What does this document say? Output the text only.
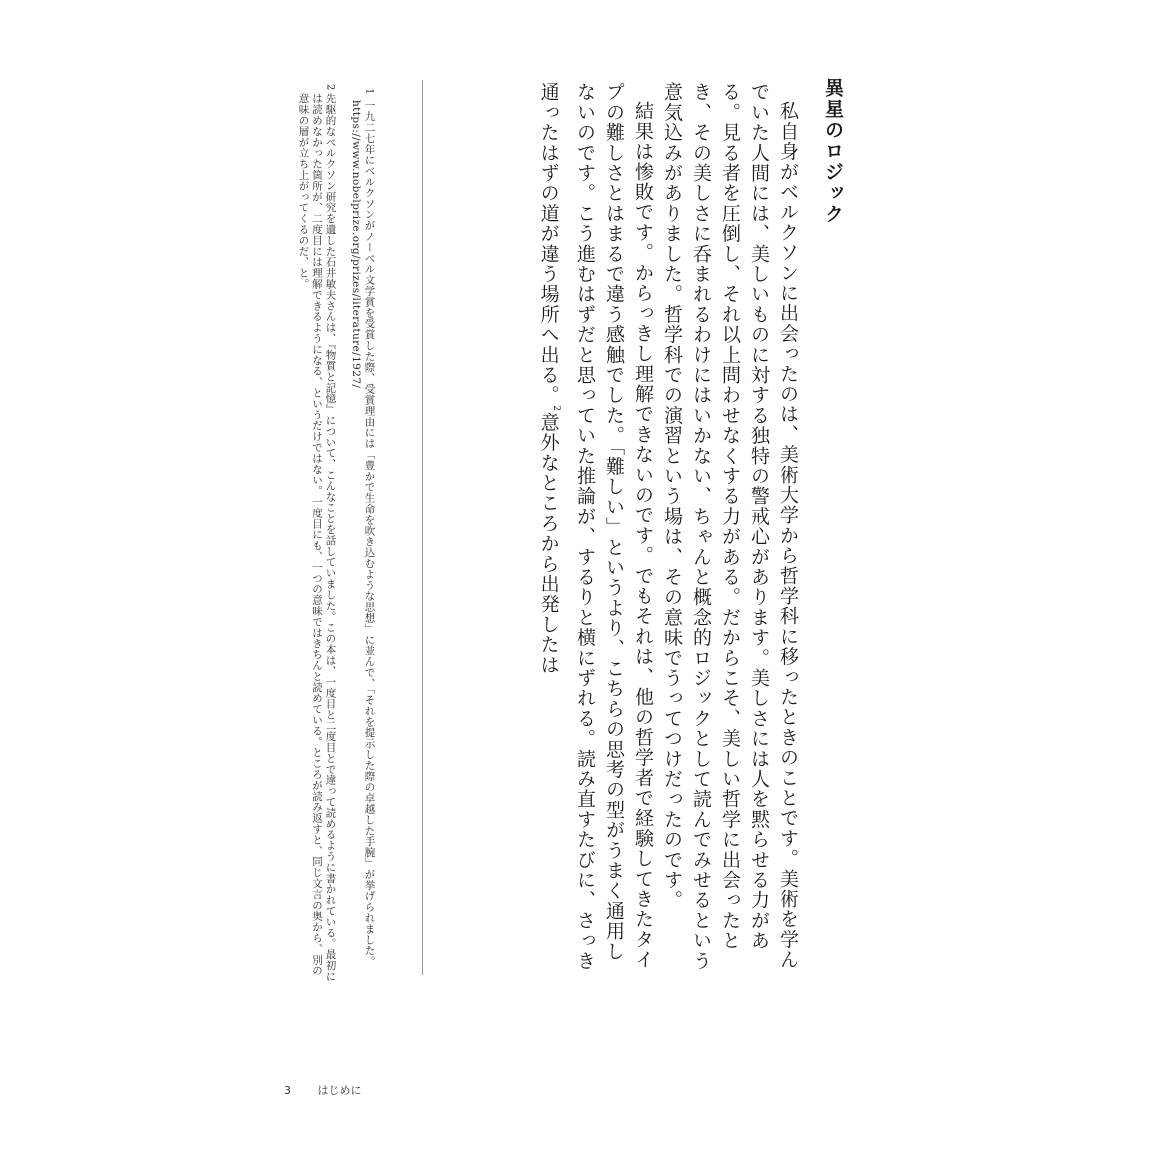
異星のロジック

私自身がベルクソンに出会ったのは、美術大学から哲学科に移ったときのことです。美術を学んでいた人間には、美しいものに対する独特の警戒心があります。美しさには人を黙らせる力がある。見る者を圧倒し、それ以上問わせなくする力がある。だからこそ、美しい哲学に出会ったとき、その美しさに呑まれるわけにはいかない、ちゃんと概念的ロジックとして読んでみせるという意気込みがありました。哲学科での演習という場は、その意味でうってつけだったのです。

結果は惨敗です。からっきし理解できないのです。でもそれは、他の哲学者で経験してきたタイプの難しさとはまるで違う感触でした。「難しい」というより、こちらの思考の型がうまく通用しないのです。こう進むはずだと思っていた推論が、するりと横にずれる。読み直すたびに、さっき通ったはずの道が違う場所へ出る。$^2$意外なところから出発したは

1
一九二七年にベルクソンがノーベル文学賞を受賞した際、受賞理由には「豊かで生命を吹き込むような思想」に並んで、「それを提示した際の卓越した手腕」が挙げられました。https://www.nobelprize.org/prizes/literature/1927/
2
先駆的なベルクソン研究を遺した石井敏夫さんは、『物質と記憶』について、こんなことを話していました。この本は、一度目と二度目とで違って読めるように書かれている。最初には読めなかった箇所が、二度目には理解できるようになる、というだけではない。一度目にも、一つの意味ではきちんと読めている。ところが読み返すと、同じ文言の奥から、別の意味の層が立ち上がってくるのだ、と。
3 はじめに
